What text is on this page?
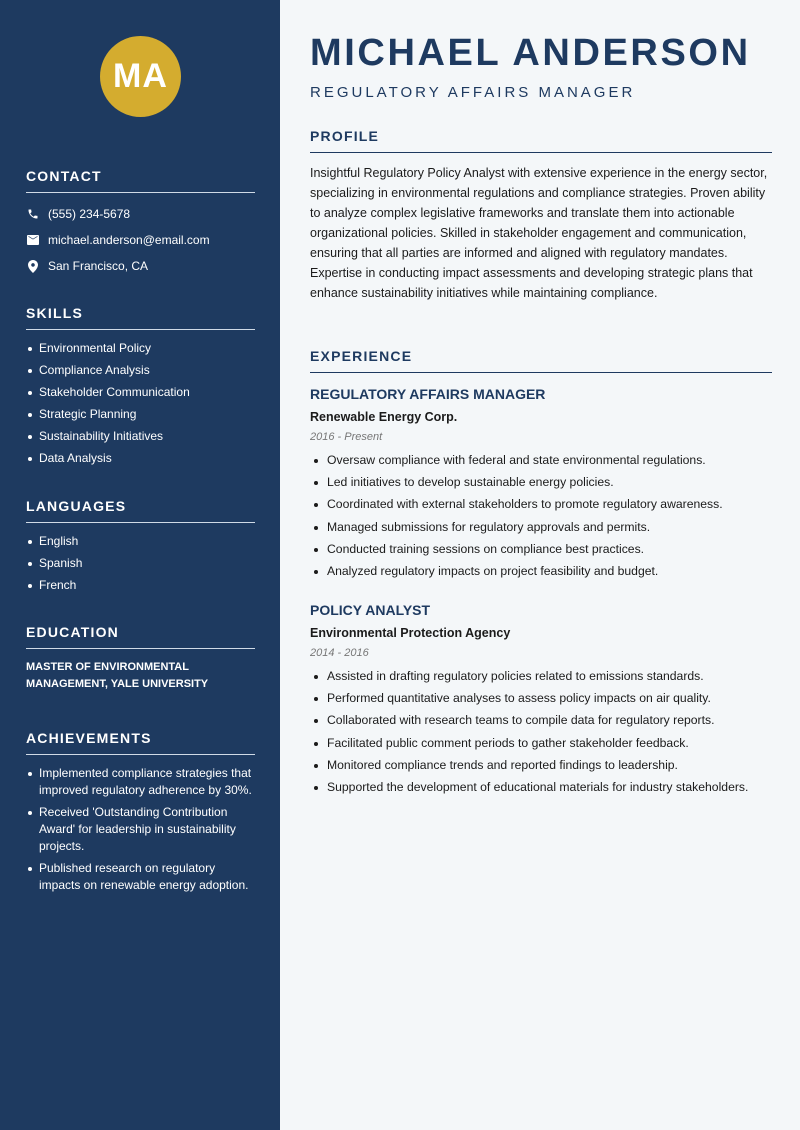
MA
CONTACT
(555) 234-5678
michael.anderson@email.com
San Francisco, CA
SKILLS
Environmental Policy
Compliance Analysis
Stakeholder Communication
Strategic Planning
Sustainability Initiatives
Data Analysis
LANGUAGES
English
Spanish
French
EDUCATION

MASTER OF ENVIRONMENTAL MANAGEMENT, YALE UNIVERSITY

ACHIEVEMENTS
Implemented compliance strategies that improved regulatory adherence by 30%.
Received 'Outstanding Contribution Award' for leadership in sustainability projects.
Published research on regulatory impacts on renewable energy adoption.
MICHAEL ANDERSON
REGULATORY AFFAIRS MANAGER
PROFILE

Insightful Regulatory Policy Analyst with extensive experience in the energy sector, specializing in environmental regulations and compliance strategies. Proven ability to analyze complex legislative frameworks and translate them into actionable organizational policies. Skilled in stakeholder engagement and communication, ensuring that all parties are informed and aligned with regulatory mandates. Expertise in conducting impact assessments and developing strategic plans that enhance sustainability initiatives while maintaining compliance.

EXPERIENCE
REGULATORY AFFAIRS MANAGER
Renewable Energy Corp.
2016 - Present
Oversaw compliance with federal and state environmental regulations.
Led initiatives to develop sustainable energy policies.
Coordinated with external stakeholders to promote regulatory awareness.
Managed submissions for regulatory approvals and permits.
Conducted training sessions on compliance best practices.
Analyzed regulatory impacts on project feasibility and budget.
POLICY ANALYST
Environmental Protection Agency
2014 - 2016
Assisted in drafting regulatory policies related to emissions standards.
Performed quantitative analyses to assess policy impacts on air quality.
Collaborated with research teams to compile data for regulatory reports.
Facilitated public comment periods to gather stakeholder feedback.
Monitored compliance trends and reported findings to leadership.
Supported the development of educational materials for industry stakeholders.
